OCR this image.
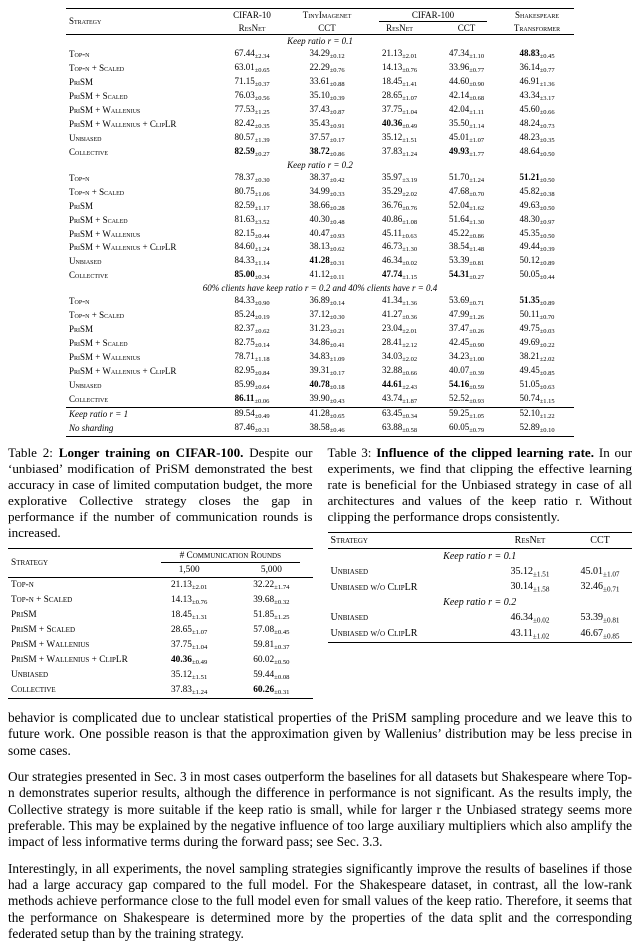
Strategy	CIFAR-10	TinyImagenet	CIFAR-100		Shakespeare
	ResNet	CCT	ResNet	CCT	Transformer
Keep ratio r = 0.1					
Top-n	$67.44_{\pm 2.34}$	$34.29_{\pm 0.12}$	$21.13_{\pm 2.01}$	$47.34_{\pm 1.10}$	$48.83_{\pm 0.45}$
Top-n + Scaled	$63.01_{\pm 0.65}$	$22.29_{\pm 0.76}$	$14.13_{\pm 0.76}$	$33.96_{\pm 0.77}$	$36.14_{\pm 0.77}$
PriSM	$71.15_{\pm 0.37}$	$33.61_{\pm 0.88}$	$18.45_{\pm 1.41}$	$44.60_{\pm 0.90}$	$46.91_{\pm 1.36}$
PriSM + Scaled	$76.03_{\pm 0.56}$	$35.10_{\pm 0.39}$	$28.65_{\pm 1.07}$	$42.14_{\pm 0.68}$	$43.34_{\pm 3.17}$
PriSM + Wallenius	$77.53_{\pm 1.25}$	$37.43_{\pm 0.87}$	$37.75_{\pm 1.04}$	$42.04_{\pm 1.11}$	$45.60_{\pm 0.66}$
PriSM + Wallenius + ClipLR	$82.42_{\pm 0.35}$	$35.43_{\pm 0.91}$	$40.36_{\pm 0.49}$	$35.50_{\pm 1.14}$	$48.24_{\pm 0.73}$
Unbiased	$80.57_{\pm 1.39}$	$37.57_{\pm 0.17}$	$35.12_{\pm 1.51}$	$45.01_{\pm 1.07}$	$48.23_{\pm 0.35}$
Collective	$82.59_{\pm 0.27}$	$38.72_{\pm 0.86}$	$37.83_{\pm 1.24}$	$49.93_{\pm 1.77}$	$48.64_{\pm 0.50}$
Keep ratio r = 0.2					
Top-n	$78.37_{\pm 0.30}$	$38.37_{\pm 0.42}$	$35.97_{\pm 3.19}$	$51.70_{\pm 1.24}$	$51.21_{\pm 0.50}$
Top-n + Scaled	$80.75_{\pm 1.06}$	$34.99_{\pm 0.33}$	$35.29_{\pm 2.02}$	$47.68_{\pm 0.70}$	$45.82_{\pm 0.38}$
PriSM	$82.59_{\pm 1.17}$	$38.66_{\pm 0.28}$	$36.76_{\pm 0.76}$	$52.04_{\pm 1.62}$	$49.63_{\pm 0.50}$
PriSM + Scaled	$81.63_{\pm 3.52}$	$40.30_{\pm 0.48}$	$40.86_{\pm 1.08}$	$51.64_{\pm 1.30}$	$48.30_{\pm 0.97}$
PriSM + Wallenius	$82.15_{\pm 0.44}$	$40.47_{\pm 0.93}$	$45.11_{\pm 0.63}$	$45.22_{\pm 0.86}$	$45.35_{\pm 0.50}$
PriSM + Wallenius + ClipLR	$84.60_{\pm 1.24}$	$38.13_{\pm 0.62}$	$46.73_{\pm 1.30}$	$38.54_{\pm 1.48}$	$49.44_{\pm 0.39}$
Unbiased	$84.33_{\pm 1.14}$	$41.28_{\pm 0.31}$	$46.34_{\pm 0.02}$	$53.39_{\pm 0.81}$	$50.12_{\pm 0.89}$
Collective	$85.00_{\pm 0.34}$	$41.12_{\pm 0.11}$	$47.74_{\pm 1.15}$	$54.31_{\pm 0.27}$	$50.05_{\pm 0.44}$
60% clients have keep ratio r = 0.2 and 40% clients have r = 0.4					
Top-n	$84.33_{\pm 0.90}$	$36.89_{\pm 0.14}$	$41.34_{\pm 1.36}$	$53.69_{\pm 0.71}$	$51.35_{\pm 0.89}$
Top-n + Scaled	$85.24_{\pm 0.19}$	$37.12_{\pm 0.30}$	$41.27_{\pm 0.36}$	$47.99_{\pm 1.26}$	$50.11_{\pm 0.70}$
PriSM	$82.37_{\pm 0.62}$	$31.23_{\pm 0.21}$	$23.04_{\pm 2.01}$	$37.47_{\pm 0.26}$	$49.75_{\pm 0.03}$
PriSM + Scaled	$82.75_{\pm 0.14}$	$34.86_{\pm 0.41}$	$28.41_{\pm 2.12}$	$42.45_{\pm 0.90}$	$49.69_{\pm 0.22}$
PriSM + Wallenius	$78.71_{\pm 1.18}$	$34.83_{\pm 1.09}$	$34.03_{\pm 2.02}$	$34.23_{\pm 1.00}$	$38.21_{\pm 2.02}$
PriSM + Wallenius + ClipLR	$82.95_{\pm 0.84}$	$39.31_{\pm 0.17}$	$32.88_{\pm 0.66}$	$40.07_{\pm 0.39}$	$49.45_{\pm 0.85}$
Unbiased	$85.99_{\pm 0.64}$	$40.78_{\pm 0.18}$	$44.61_{\pm 2.43}$	$54.16_{\pm 0.59}$	$51.05_{\pm 0.63}$
Collective	$86.11_{\pm 0.06}$	$39.90_{\pm 0.43}$	$43.74_{\pm 1.87}$	$52.52_{\pm 0.93}$	$50.74_{\pm 1.15}$
Keep ratio r = 1	$89.54_{\pm 0.49}$	$41.28_{\pm 0.65}$	$63.45_{\pm 0.34}$	$59.25_{\pm 1.05}$	$52.10_{\pm 1.22}$
No sharding	$87.46_{\pm 0.31}$	$38.58_{\pm 0.46}$	$63.88_{\pm 0.58}$	$60.05_{\pm 0.79}$	$52.89_{\pm 0.10}$
Table 2: Longer training on CIFAR-100. Despite our ‘unbiased’ modification of PriSM demonstrated the best accuracy in case of limited computation budget, the more explorative Collective strategy closes the gap in performance if the number of communication rounds is increased.
Strategy	# Communication Rounds	

	1,500	5,000
Top-n	$21.13_{\pm 2.01}$	$32.22_{\pm 1.74}$
Top-n + Scaled	$14.13_{\pm 0.76}$	$39.68_{\pm 0.32}$
PriSM	$18.45_{\pm 1.31}$	$51.85_{\pm 1.25}$
PriSM + Scaled	$28.65_{\pm 1.07}$	$57.08_{\pm 0.45}$
PriSM + Wallenius	$37.75_{\pm 1.04}$	$59.81_{\pm 0.37}$
PriSM + Wallenius + ClipLR	$40.36_{\pm 0.49}$	$60.02_{\pm 0.50}$
Unbiased	$35.12_{\pm 1.51}$	$59.44_{\pm 0.08}$
Collective	$37.83_{\pm 1.24}$	$60.26_{\pm 0.31}$
Table 3: Influence of the clipped learning rate. In our experiments, we find that clipping the effective learning rate is beneficial for the Unbiased strategy in case of all architectures and values of the keep ratio r. Without clipping the performance drops consistently.
Strategy	ResNet	CCT
Keep ratio r = 0.1		
Unbiased	$35.12_{\pm 1.51}$	$45.01_{\pm 1.07}$
Unbiased w/o ClipLR	$30.14_{\pm 1.58}$	$32.46_{\pm 0.71}$
Keep ratio r = 0.2		
Unbiased	$46.34_{\pm 0.02}$	$53.39_{\pm 0.81}$
Unbiased w/o ClipLR	$43.11_{\pm 1.02}$	$46.67_{\pm 0.85}$

behavior is complicated due to unclear statistical properties of the PriSM sampling procedure and we leave this to future work. One possible reason is that the approximation given by Wallenius’ distribution may be less precise in some cases.

Our strategies presented in Sec. 3 in most cases outperform the baselines for all datasets but Shakespeare where Top-n demonstrates superior results, although the difference in performance is not significant. As the results imply, the Collective strategy is more suitable if the keep ratio is small, while for larger r the Unbiased strategy seems more preferable. This may be explained by the negative influence of too large auxiliary multipliers which also amplify the impact of less informative terms during the forward pass; see Sec. 3.3.

Interestingly, in all experiments, the novel sampling strategies significantly improve the results of baselines if those had a large accuracy gap compared to the full model. For the Shakespeare dataset, in contrast, all the low-rank methods achieve performance close to the full model even for small values of the keep ratio. Therefore, it seems that the performance on Shakespeare is determined more by the properties of the data split and the corresponding federated setup than by the training strategy.
